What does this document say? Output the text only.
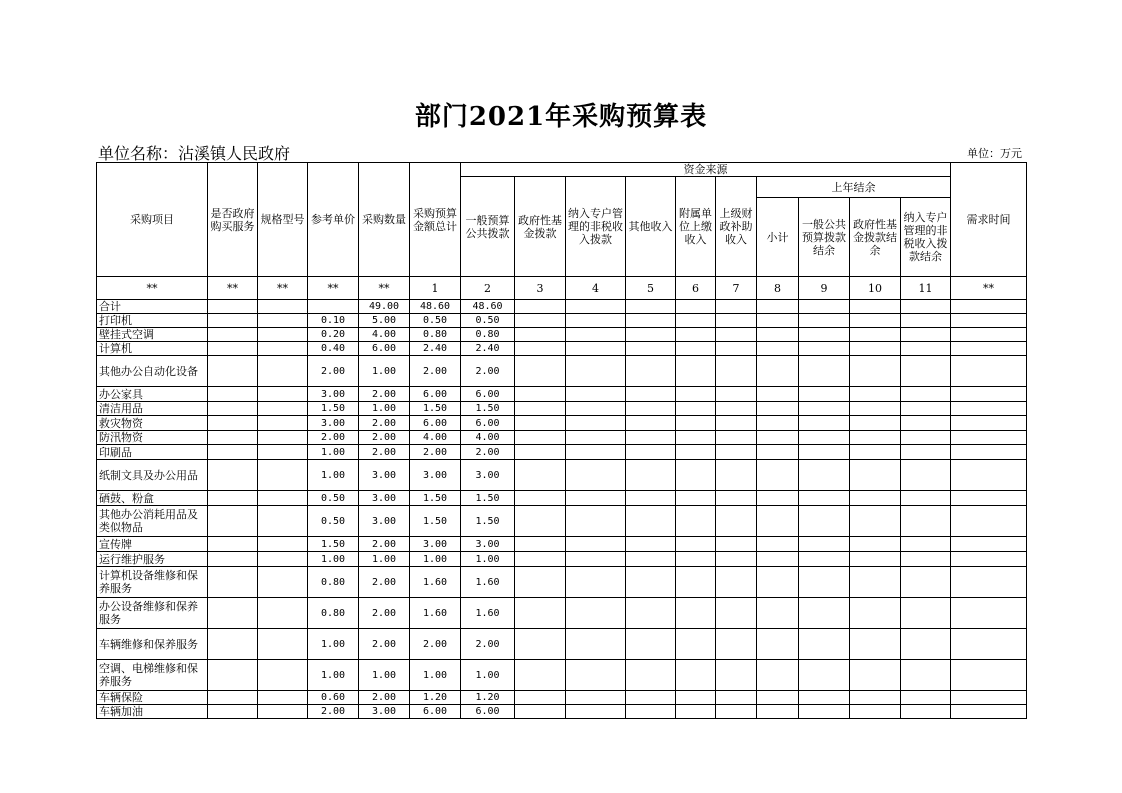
部门2021年采购预算表
单位名称：沾溪镇人民政府	单位：万元
采购项目	是否政府购买服务	规格型号	参考单价	采购数量	采购预算金额总计	资金来源										需求时间
						一般预算公共拨款	政府性基金拨款	纳入专户管理的非税收入拨款	其他收入	附属单位上缴收入	上级财政补助收入	上年结余				
												小计	一般公共预算拨款结余	政府性基金拨款结余	纳入专户管理的非税收入拨款结余	
**	**	**	**	**	1	2	3	4	5	6	7	8	9	10	11	**
合计				49.00	48.60	48.60										
打印机			0.10	5.00	0.50	0.50										
壁挂式空调			0.20	4.00	0.80	0.80										
计算机			0.40	6.00	2.40	2.40										
其他办公自动化设备			2.00	1.00	2.00	2.00										
办公家具			3.00	2.00	6.00	6.00										
清洁用品			1.50	1.00	1.50	1.50										
救灾物资			3.00	2.00	6.00	6.00										
防汛物资			2.00	2.00	4.00	4.00										
印刷品			1.00	2.00	2.00	2.00										
纸制文具及办公用品			1.00	3.00	3.00	3.00										
硒鼓、粉盒			0.50	3.00	1.50	1.50										
其他办公消耗用品及类似物品			0.50	3.00	1.50	1.50										
宣传牌			1.50	2.00	3.00	3.00										
运行维护服务			1.00	1.00	1.00	1.00										
计算机设备维修和保养服务			0.80	2.00	1.60	1.60										
办公设备维修和保养服务			0.80	2.00	1.60	1.60										
车辆维修和保养服务			1.00	2.00	2.00	2.00										
空调、电梯维修和保养服务			1.00	1.00	1.00	1.00										
车辆保险			0.60	2.00	1.20	1.20										
车辆加油			2.00	3.00	6.00	6.00										
